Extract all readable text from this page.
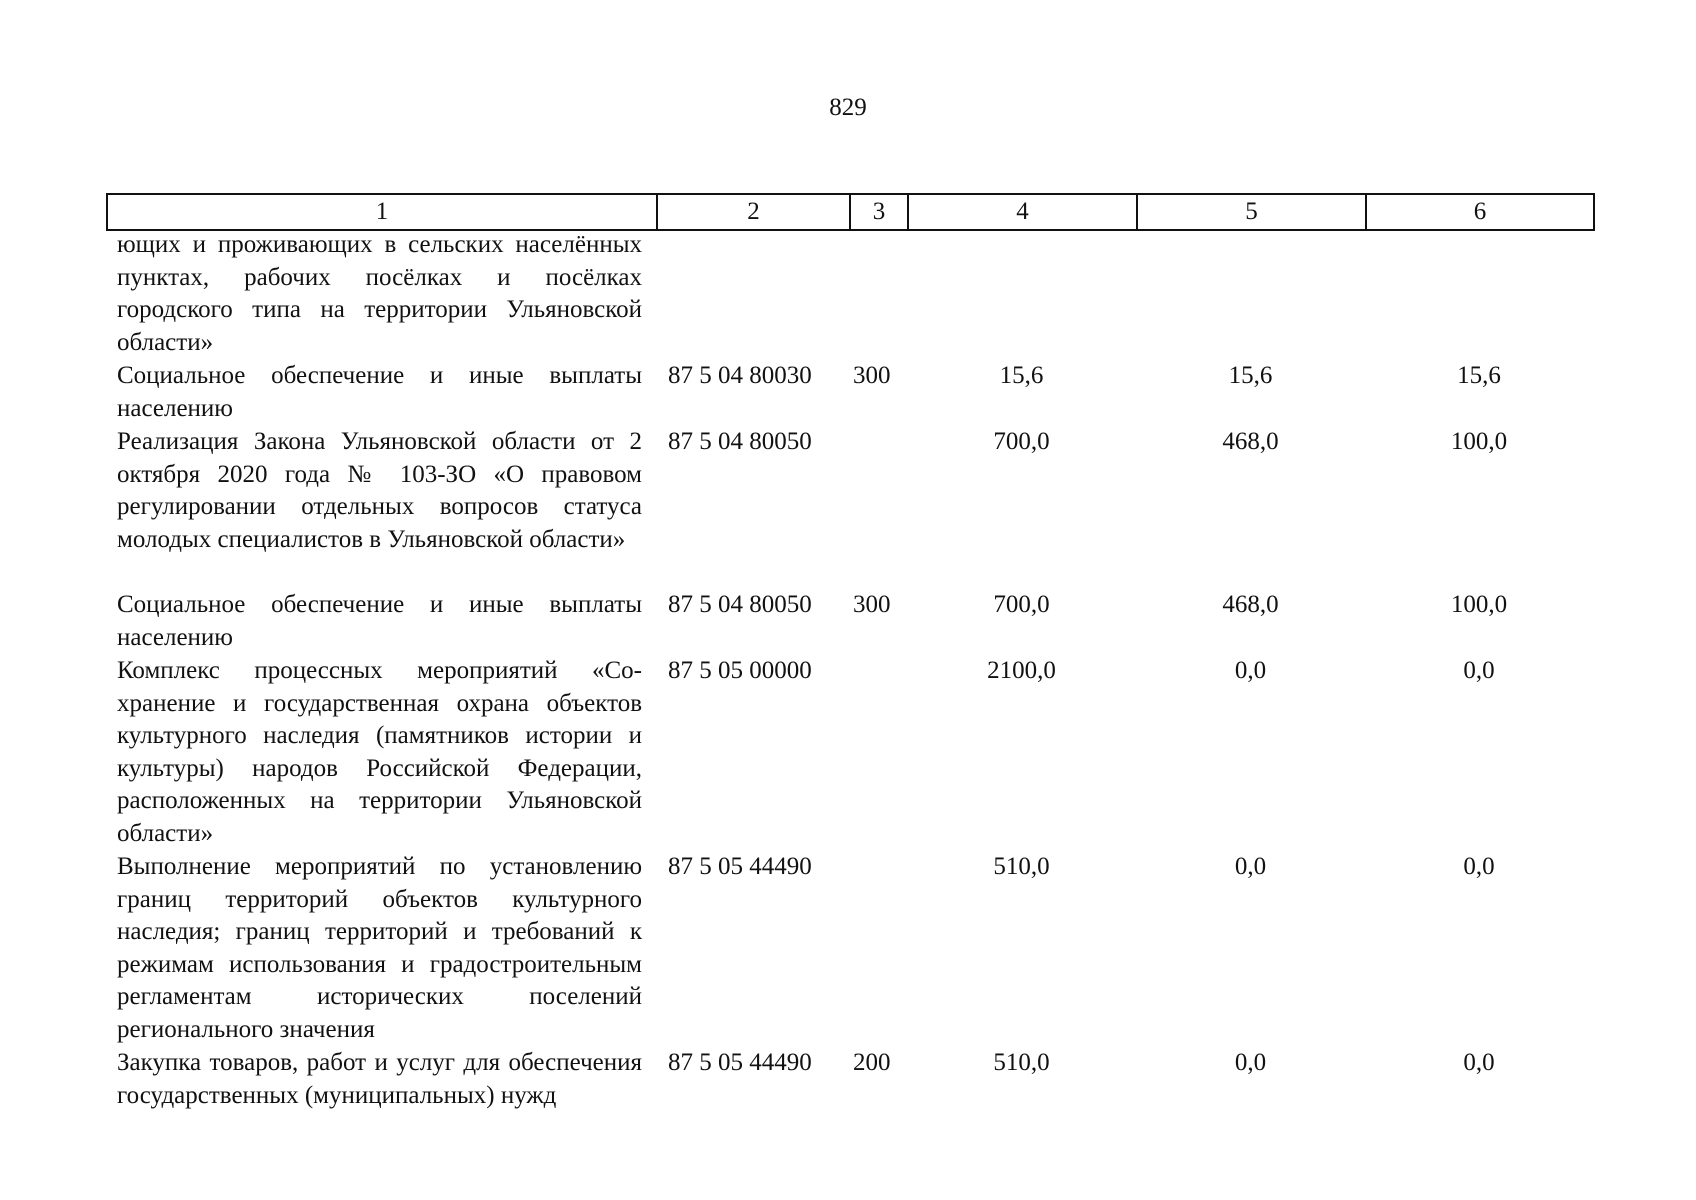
829
1	2	3	4	5	6
ющих и проживающих в сельских населённых пунктах, рабочих посёлках и посёлках городского типа на территории Ульяновской области»					
Социальное обеспечение и иные выплаты населению	87 5 04 80030	300	15,6	15,6	15,6
Реализация Закона Ульяновской области от 2 октября 2020 года № 103-ЗО «О правовом регулировании отдельных вопросов статуса молодых специалистов в Ульяновской области»	87 5 04 80050		700,0	468,0	100,0
Социальное обеспечение и иные выплаты населению	87 5 04 80050	300	700,0	468,0	100,0
Комплекс процессных мероприятий «Сохранение и государственная охрана объектов культурного наследия (памятников истории и культуры) народов Российской Федерации, расположенных на территории Ульяновской области»	87 5 05 00000		2100,0	0,0	0,0
Выполнение мероприятий по установлению границ территорий объектов культурного наследия; границ территорий и требований к режимам использования и градостроительным регламентам исторических поселений регионального значения	87 5 05 44490		510,0	0,0	0,0
Закупка товаров, работ и услуг для обеспечения государственных (муниципальных) нужд	87 5 05 44490	200	510,0	0,0	0,0
